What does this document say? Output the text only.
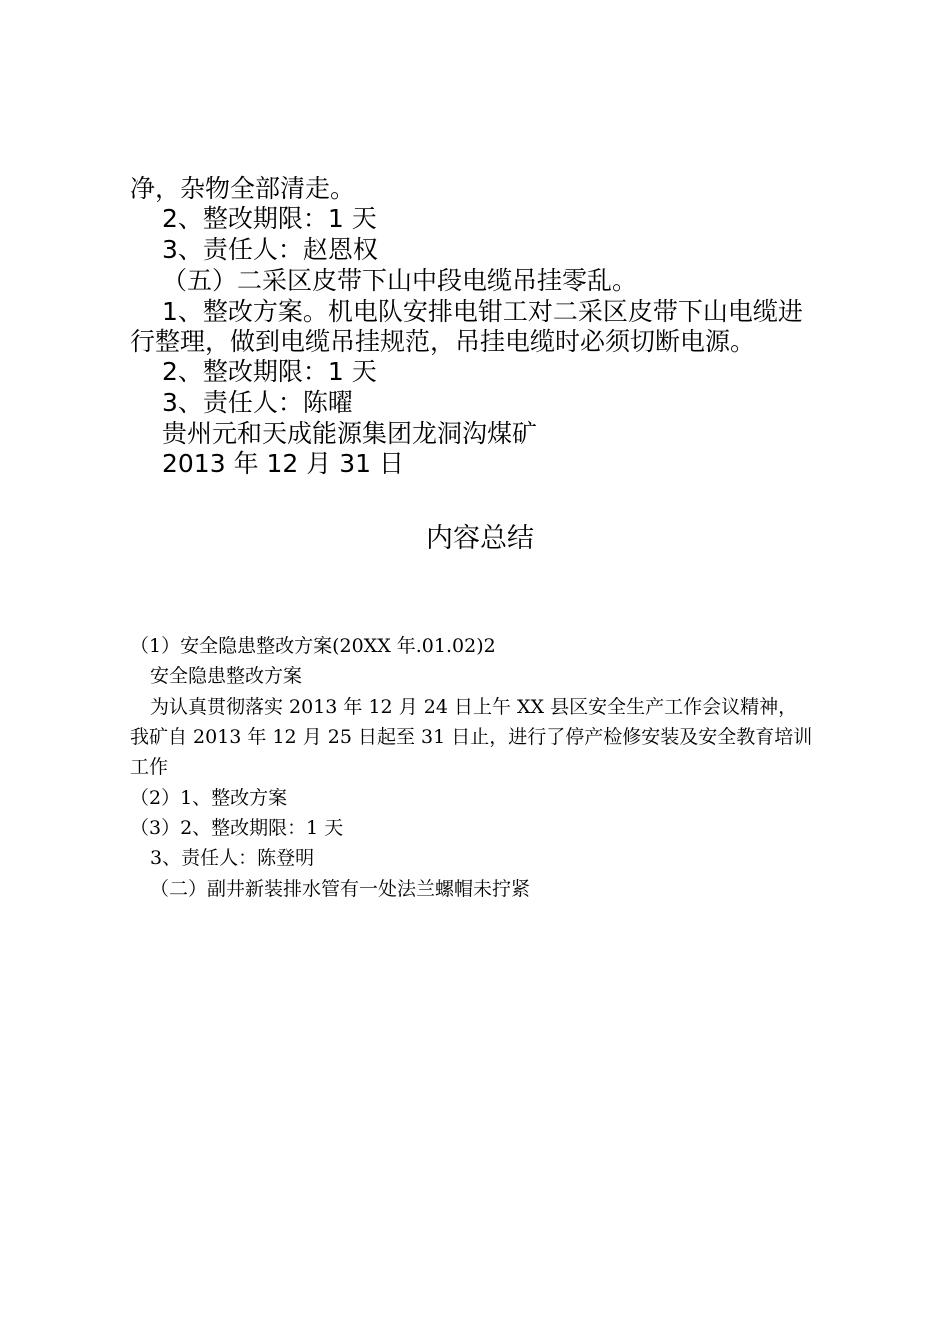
净，杂物全部清走。
2、整改期限：1 天
3、责任人：赵恩权
（五）二采区皮带下山中段电缆吊挂零乱。
1、整改方案。机电队安排电钳工对二采区皮带下山电缆进
行整理，做到电缆吊挂规范，吊挂电缆时必须切断电源。
2、整改期限：1 天
3、责任人：陈曜
贵州元和天成能源集团龙洞沟煤矿
2013 年 12 月 31 日
内容总结
（1）安全隐患整改方案(20XX 年.01.02)2
安全隐患整改方案
为认真贯彻落实 2013 年 12 月 24 日上午 XX 县区安全生产工作会议精神，
我矿自 2013 年 12 月 25 日起至 31 日止，进行了停产检修安装及安全教育培训
工作
（2）1、整改方案
（3）2、整改期限：1 天
3、责任人：陈登明
（二）副井新装排水管有一处法兰螺帽未拧紧
